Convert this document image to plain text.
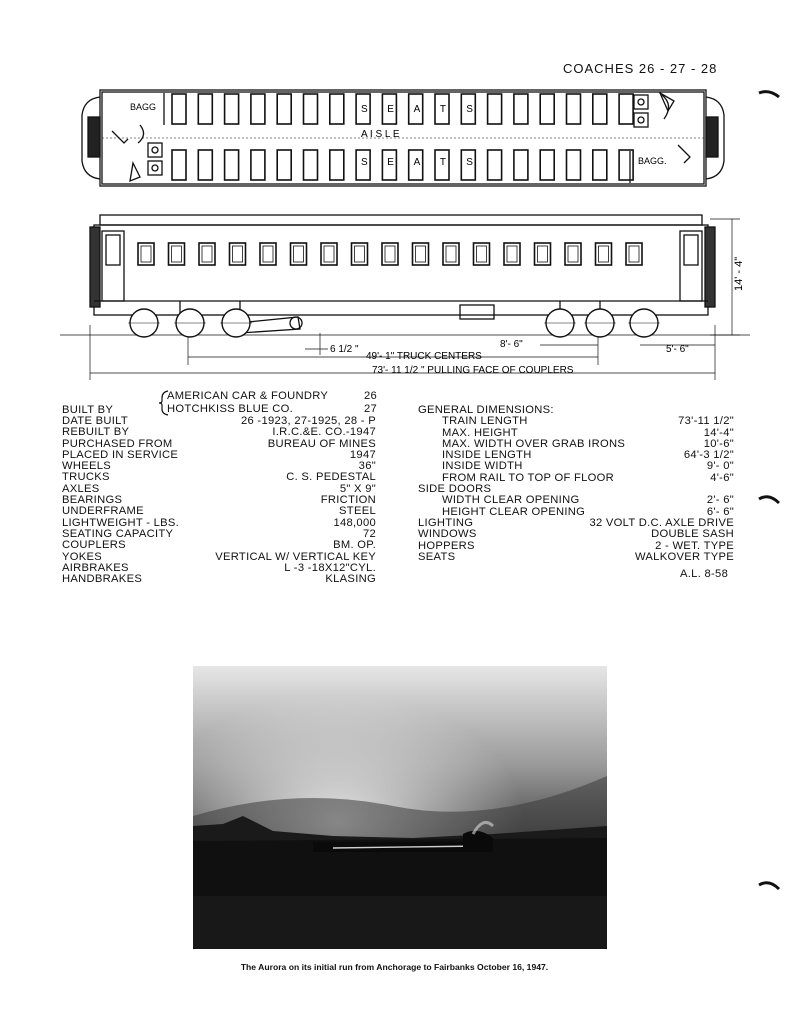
COACHES 26 - 27 - 28
BAGG
BAGG.
A I S L E
S E A T S
S E A T S
14' - 4"
6 1/2 "
49'- 1" TRUCK CENTERS
8'- 6"	5'- 6"
73'- 11 1/2 " PULLING FACE OF COUPLERS
AMERICAN CAR & FOUNDRY	26
HOTCHKISS BLUE CO.	27
BUILT BY
DATE BUILT	26 -1923, 27-1925, 28 - P
REBUILT BY	I.R.C.&E. CO.-1947
PURCHASED FROM	BUREAU OF MINES
PLACED IN SERVICE	1947
WHEELS	36"
TRUCKS	C. S. PEDESTAL
AXLES	5" X 9"
BEARINGS	FRICTION
UNDERFRAME	STEEL
LIGHTWEIGHT - LBS.	148,000
SEATING CAPACITY	72
COUPLERS	BM. OP.
YOKES	VERTICAL W/ VERTICAL KEY
AIRBRAKES	L -3 -18X12"CYL.
HANDBRAKES	KLASING
GENERAL DIMENSIONS:
TRAIN LENGTH	73'-11 1/2"
MAX. HEIGHT	14'-4"
MAX. WIDTH OVER GRAB IRONS	10'-6"
INSIDE LENGTH	64'-3 1/2"
INSIDE WIDTH	9'- 0"
FROM RAIL TO TOP OF FLOOR	4'-6"
SIDE DOORS
WIDTH CLEAR OPENING	2'- 6"
HEIGHT CLEAR OPENING	6'- 6"
LIGHTING	32 VOLT D.C. AXLE DRIVE
WINDOWS	DOUBLE SASH
HOPPERS	2 - WET. TYPE
SEATS	WALKOVER TYPE
A.L. 8-58
The Aurora on its initial run from Anchorage to Fairbanks October 16, 1947.
